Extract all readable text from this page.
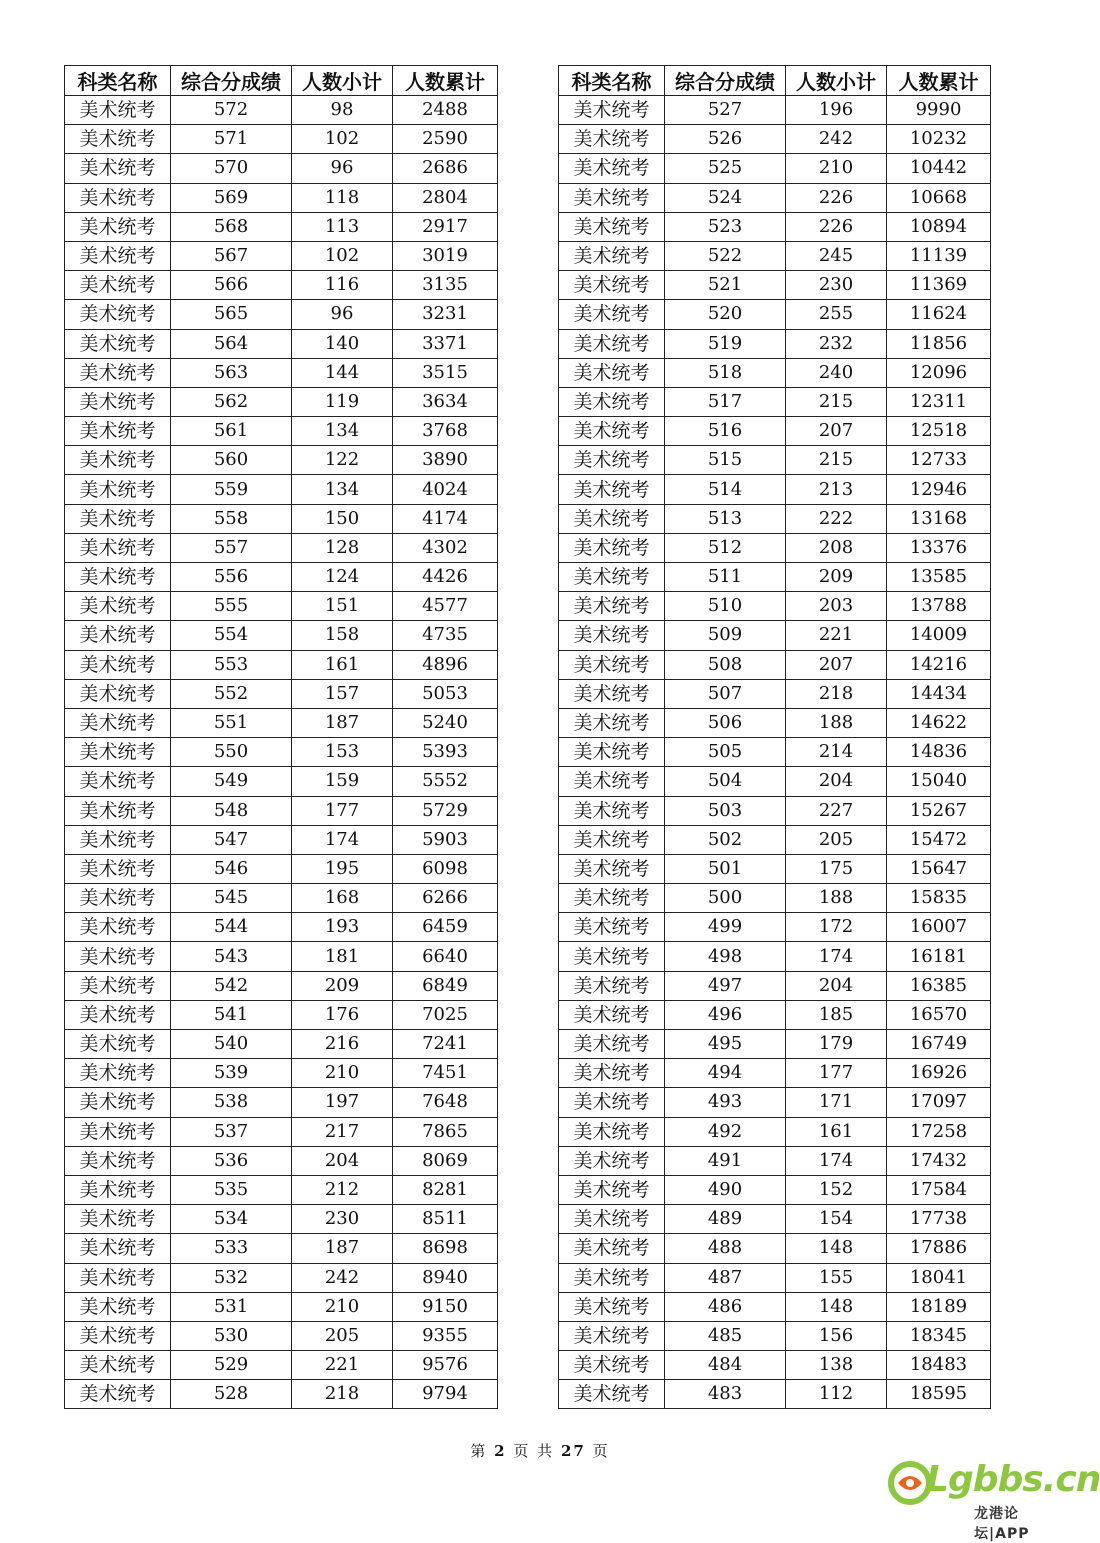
科类名称	综合分成绩	人数小计	人数累计
美术统考	572	98	2488
美术统考	571	102	2590
美术统考	570	96	2686
美术统考	569	118	2804
美术统考	568	113	2917
美术统考	567	102	3019
美术统考	566	116	3135
美术统考	565	96	3231
美术统考	564	140	3371
美术统考	563	144	3515
美术统考	562	119	3634
美术统考	561	134	3768
美术统考	560	122	3890
美术统考	559	134	4024
美术统考	558	150	4174
美术统考	557	128	4302
美术统考	556	124	4426
美术统考	555	151	4577
美术统考	554	158	4735
美术统考	553	161	4896
美术统考	552	157	5053
美术统考	551	187	5240
美术统考	550	153	5393
美术统考	549	159	5552
美术统考	548	177	5729
美术统考	547	174	5903
美术统考	546	195	6098
美术统考	545	168	6266
美术统考	544	193	6459
美术统考	543	181	6640
美术统考	542	209	6849
美术统考	541	176	7025
美术统考	540	216	7241
美术统考	539	210	7451
美术统考	538	197	7648
美术统考	537	217	7865
美术统考	536	204	8069
美术统考	535	212	8281
美术统考	534	230	8511
美术统考	533	187	8698
美术统考	532	242	8940
美术统考	531	210	9150
美术统考	530	205	9355
美术统考	529	221	9576
美术统考	528	218	9794
科类名称	综合分成绩	人数小计	人数累计
美术统考	527	196	9990
美术统考	526	242	10232
美术统考	525	210	10442
美术统考	524	226	10668
美术统考	523	226	10894
美术统考	522	245	11139
美术统考	521	230	11369
美术统考	520	255	11624
美术统考	519	232	11856
美术统考	518	240	12096
美术统考	517	215	12311
美术统考	516	207	12518
美术统考	515	215	12733
美术统考	514	213	12946
美术统考	513	222	13168
美术统考	512	208	13376
美术统考	511	209	13585
美术统考	510	203	13788
美术统考	509	221	14009
美术统考	508	207	14216
美术统考	507	218	14434
美术统考	506	188	14622
美术统考	505	214	14836
美术统考	504	204	15040
美术统考	503	227	15267
美术统考	502	205	15472
美术统考	501	175	15647
美术统考	500	188	15835
美术统考	499	172	16007
美术统考	498	174	16181
美术统考	497	204	16385
美术统考	496	185	16570
美术统考	495	179	16749
美术统考	494	177	16926
美术统考	493	171	17097
美术统考	492	161	17258
美术统考	491	174	17432
美术统考	490	152	17584
美术统考	489	154	17738
美术统考	488	148	17886
美术统考	487	155	18041
美术统考	486	148	18189
美术统考	485	156	18345
美术统考	484	138	18483
美术统考	483	112	18595
第 2 页 共 27 页
Lgbbs.cn
龙港论坛|APP
